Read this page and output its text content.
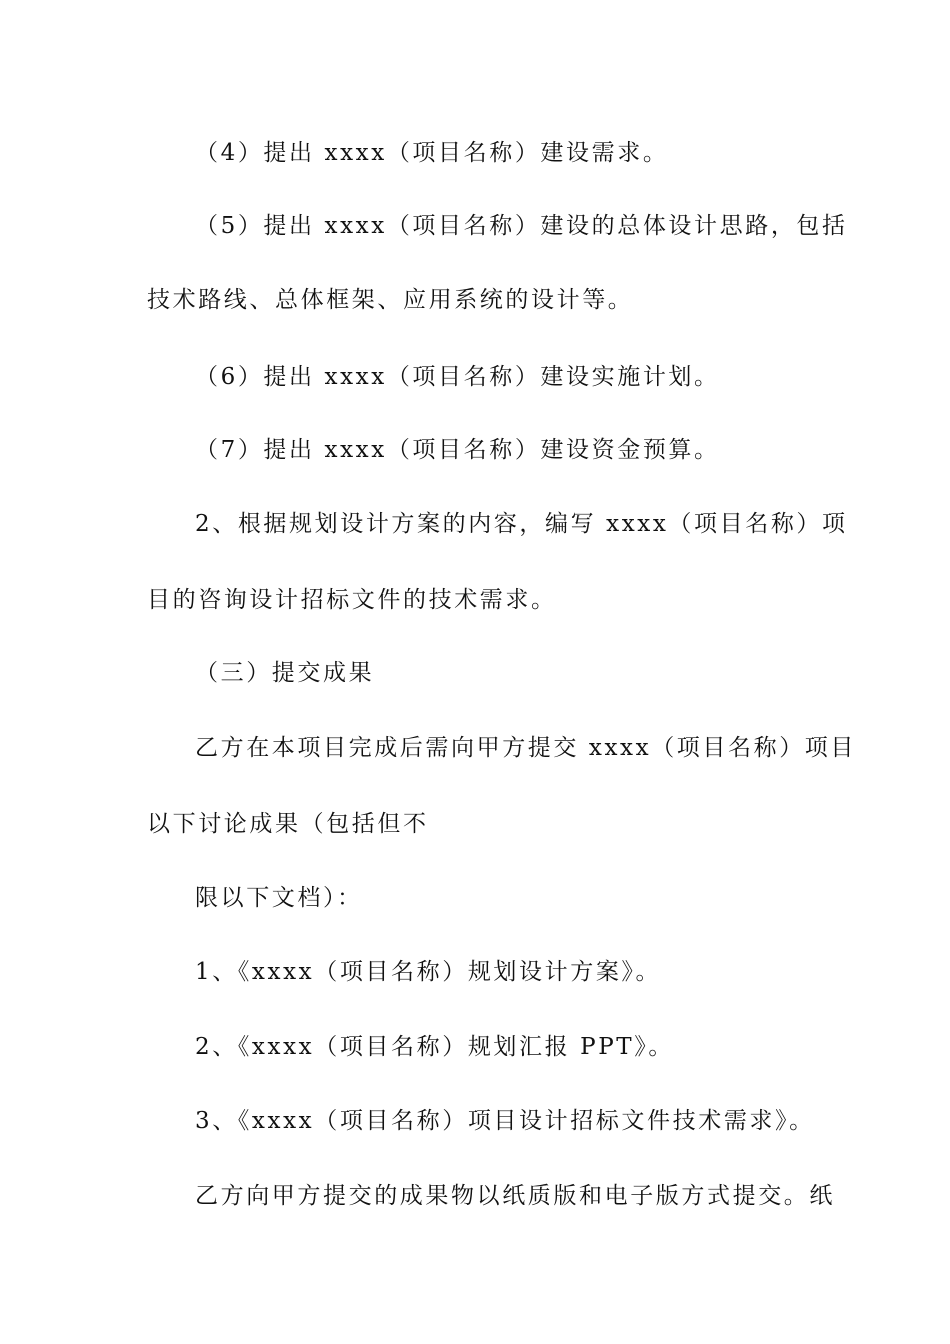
（4）提出 xxxx（项目名称）建设需求。
（5）提出 xxxx（项目名称）建设的总体设计思路，包括
技术路线、总体框架、应用系统的设计等。
（6）提出 xxxx（项目名称）建设实施计划。
（7）提出 xxxx（项目名称）建设资金预算。
2、根据规划设计方案的内容，编写 xxxx（项目名称）项
目的咨询设计招标文件的技术需求。
（三）提交成果
乙方在本项目完成后需向甲方提交 xxxx（项目名称）项目
以下讨论成果（包括但不
限以下文档）：
1、《xxxx（项目名称）规划设计方案》。
2、《xxxx（项目名称）规划汇报 PPT》。
3、《xxxx（项目名称）项目设计招标文件技术需求》。
乙方向甲方提交的成果物以纸质版和电子版方式提交。纸
